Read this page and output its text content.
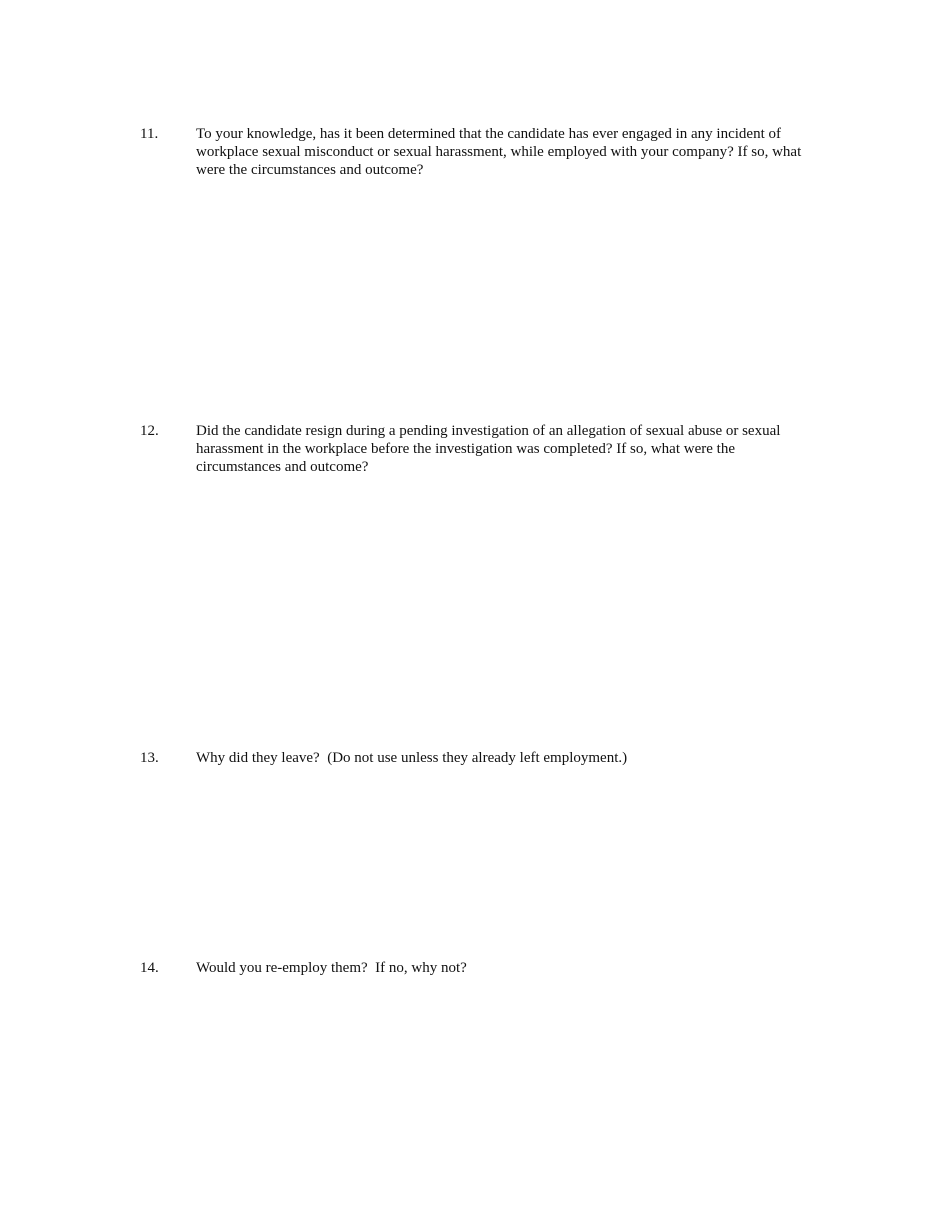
11.	To your knowledge, has it been determined that the candidate has ever engaged in any incident of workplace sexual misconduct or sexual harassment, while employed with your company? If so, what were the circumstances and outcome?
12.	Did the candidate resign during a pending investigation of an allegation of sexual abuse or sexual harassment in the workplace before the investigation was completed? If so, what were the circumstances and outcome?
13.	Why did they leave?  (Do not use unless they already left employment.)
14.	Would you re-employ them?  If no, why not?
